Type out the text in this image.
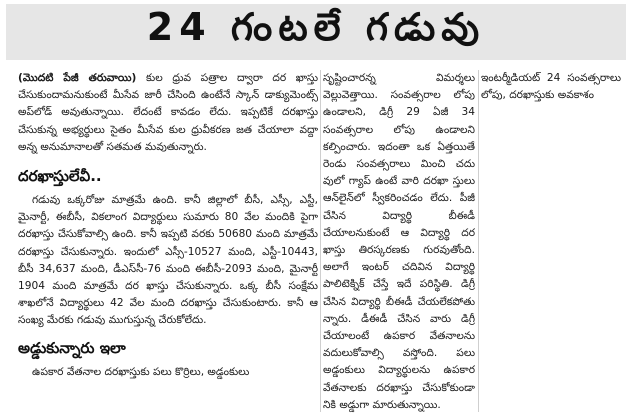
24 గంటలే గడువు

(మొదటి పేజీ తరువాయి) కుల ధ్రువ పత్రాల ద్వారా దర ఖాస్తు చేసుకుందామనుకుంటే మీసేవ జారీ చేసింది ఉంటేనే స్కాన్ డాక్యుమెంట్స్ అప్‌లోడ్ అవుతున్నాయి. లేదంటే కావడం లేదు. ఇప్పటికే దరఖాస్తు చేసుకున్న అభ్యర్థులు సైతం మీసేవ కుల ధ్రువీకరణ జత చేయాలా వద్దా అన్న అనుమానాలతో సతమత మవుతున్నారు.

దరఖాస్తులేవీ..

గడువు ఒక్కరోజు మాత్రమే ఉంది. కానీ జిల్లాలో బీసీ, ఎస్సీ, ఎస్టీ, మైనార్టీ, ఈబీసీ, వికలాంగ విద్యార్థులు సుమారు 80 వేల మందికి పైగా దరఖాస్తు చేసుకోవాల్సి ఉంది. కానీ ఇప్పటి వరకు 50680 మంది మాత్రమే దరఖాస్తు చేసుకున్నారు. ఇందులో ఎస్సీ-10527 మంది, ఎస్టీ-10443, బీసీ 34,637 మంది, డీఎస్‌సీ-76 మంది ఈబీసీ-2093 మంది, మైనార్టీ 1904 మంది మాత్రమే దర ఖాస్తు చేసుకున్నారు. ఒక్క బీసీ సంక్షేమ శాఖలోనే విద్యార్థులు 42 వేల మంది దరఖాస్తు చేసుకుంటారు. కానీ ఆ సంఖ్య మేరకు గడువు ముగుస్తున్న చేరుకోలేదు.

అడ్డుకున్నారు ఇలా

ఉపకార వేతనాల దరఖాస్తుకు పలు కొర్రిలు, అడ్డంకులు

సృష్టించారన్న విమర్శలు వెల్లువెత్తాయి. సంవత్సరాల లోపు ఉండాలని, డిగ్రీ 29 ఏజీ 34 సంవత్సరాల లోపు ఉండాలని కల్పించారు. ఇదంతా ఒక ఏత్తయితే రెండు సంవత్సరాలు మించి చదు వులో గ్యాప్ ఉంటే వారి దరఖా స్తులు ఆన్‌లైన్‌లో స్వీకరించడం లేదు. పీజీ చేసిన విద్యార్థి బీఈడీ చేయాలనుకుంటే ఆ విద్యార్థి దర ఖాస్తు తిరస్కరణకు గురవుతోంది. అలాగే ఇంటర్ చదివిన విద్యార్థి పాలిటెక్నిక్ చేస్తే ఇదే పరిస్థితి. డిగ్రీ చేసిన విద్యార్థి బీఈడీ చేయలేకపోతు న్నారు. డీఈడీ చేసిన వారు డిగ్రీ చేయాలంటే ఉపకార వేతనాలను వదులుకోవాల్సి వస్తోంది. పలు అడ్డంకులు విద్యార్థులను ఉపకార వేతనాలకు దరఖాస్తు చేసుకోకుండా నికి అడ్డుగా మారుతున్నాయి.

ఇంటర్మీడియట్ 24 సంవత్సరాలు లోపు, దరఖాస్తుకు అవకాశం
